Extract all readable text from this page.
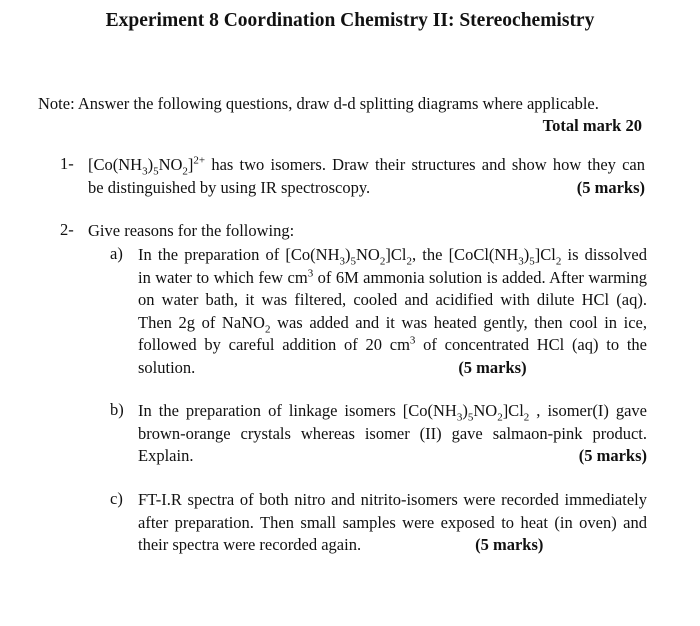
Experiment 8 Coordination Chemistry II: Stereochemistry
Note: Answer the following questions, draw d-d splitting diagrams where applicable.
Total mark 20
1- $[Co(NH_3)_5NO_2]^{2+}$ has two isomers. Draw their structures and show how they can
be distinguished by using IR spectroscopy.	(5 marks)
2- Give reasons for the following:
a) In the preparation of $[Co(NH_3)_5NO_2]Cl_2$, the $[CoCl(NH_3)_5]Cl_2$ is dissolved
in water to which few $cm^3$ of 6M ammonia solution is added. After warming
on water bath, it was filtered, cooled and acidified with dilute HCl (aq).
Then 2g of NaNO$_2$ was added and it was heated gently, then cool in ice,
followed by careful addition of 20 $cm^3$ of concentrated HCl (aq) to the
solution.	(5 marks)
b) In the preparation of linkage isomers $[Co(NH_3)_5NO_2]Cl_2$ , isomer(I) gave
brown-orange crystals whereas isomer (II) gave salmaon-pink product.
Explain.	(5 marks)
c) FT-I.R spectra of both nitro and nitrito-isomers were recorded immediately
after preparation. Then small samples were exposed to heat (in oven) and
their spectra were recorded again.	(5 marks)
